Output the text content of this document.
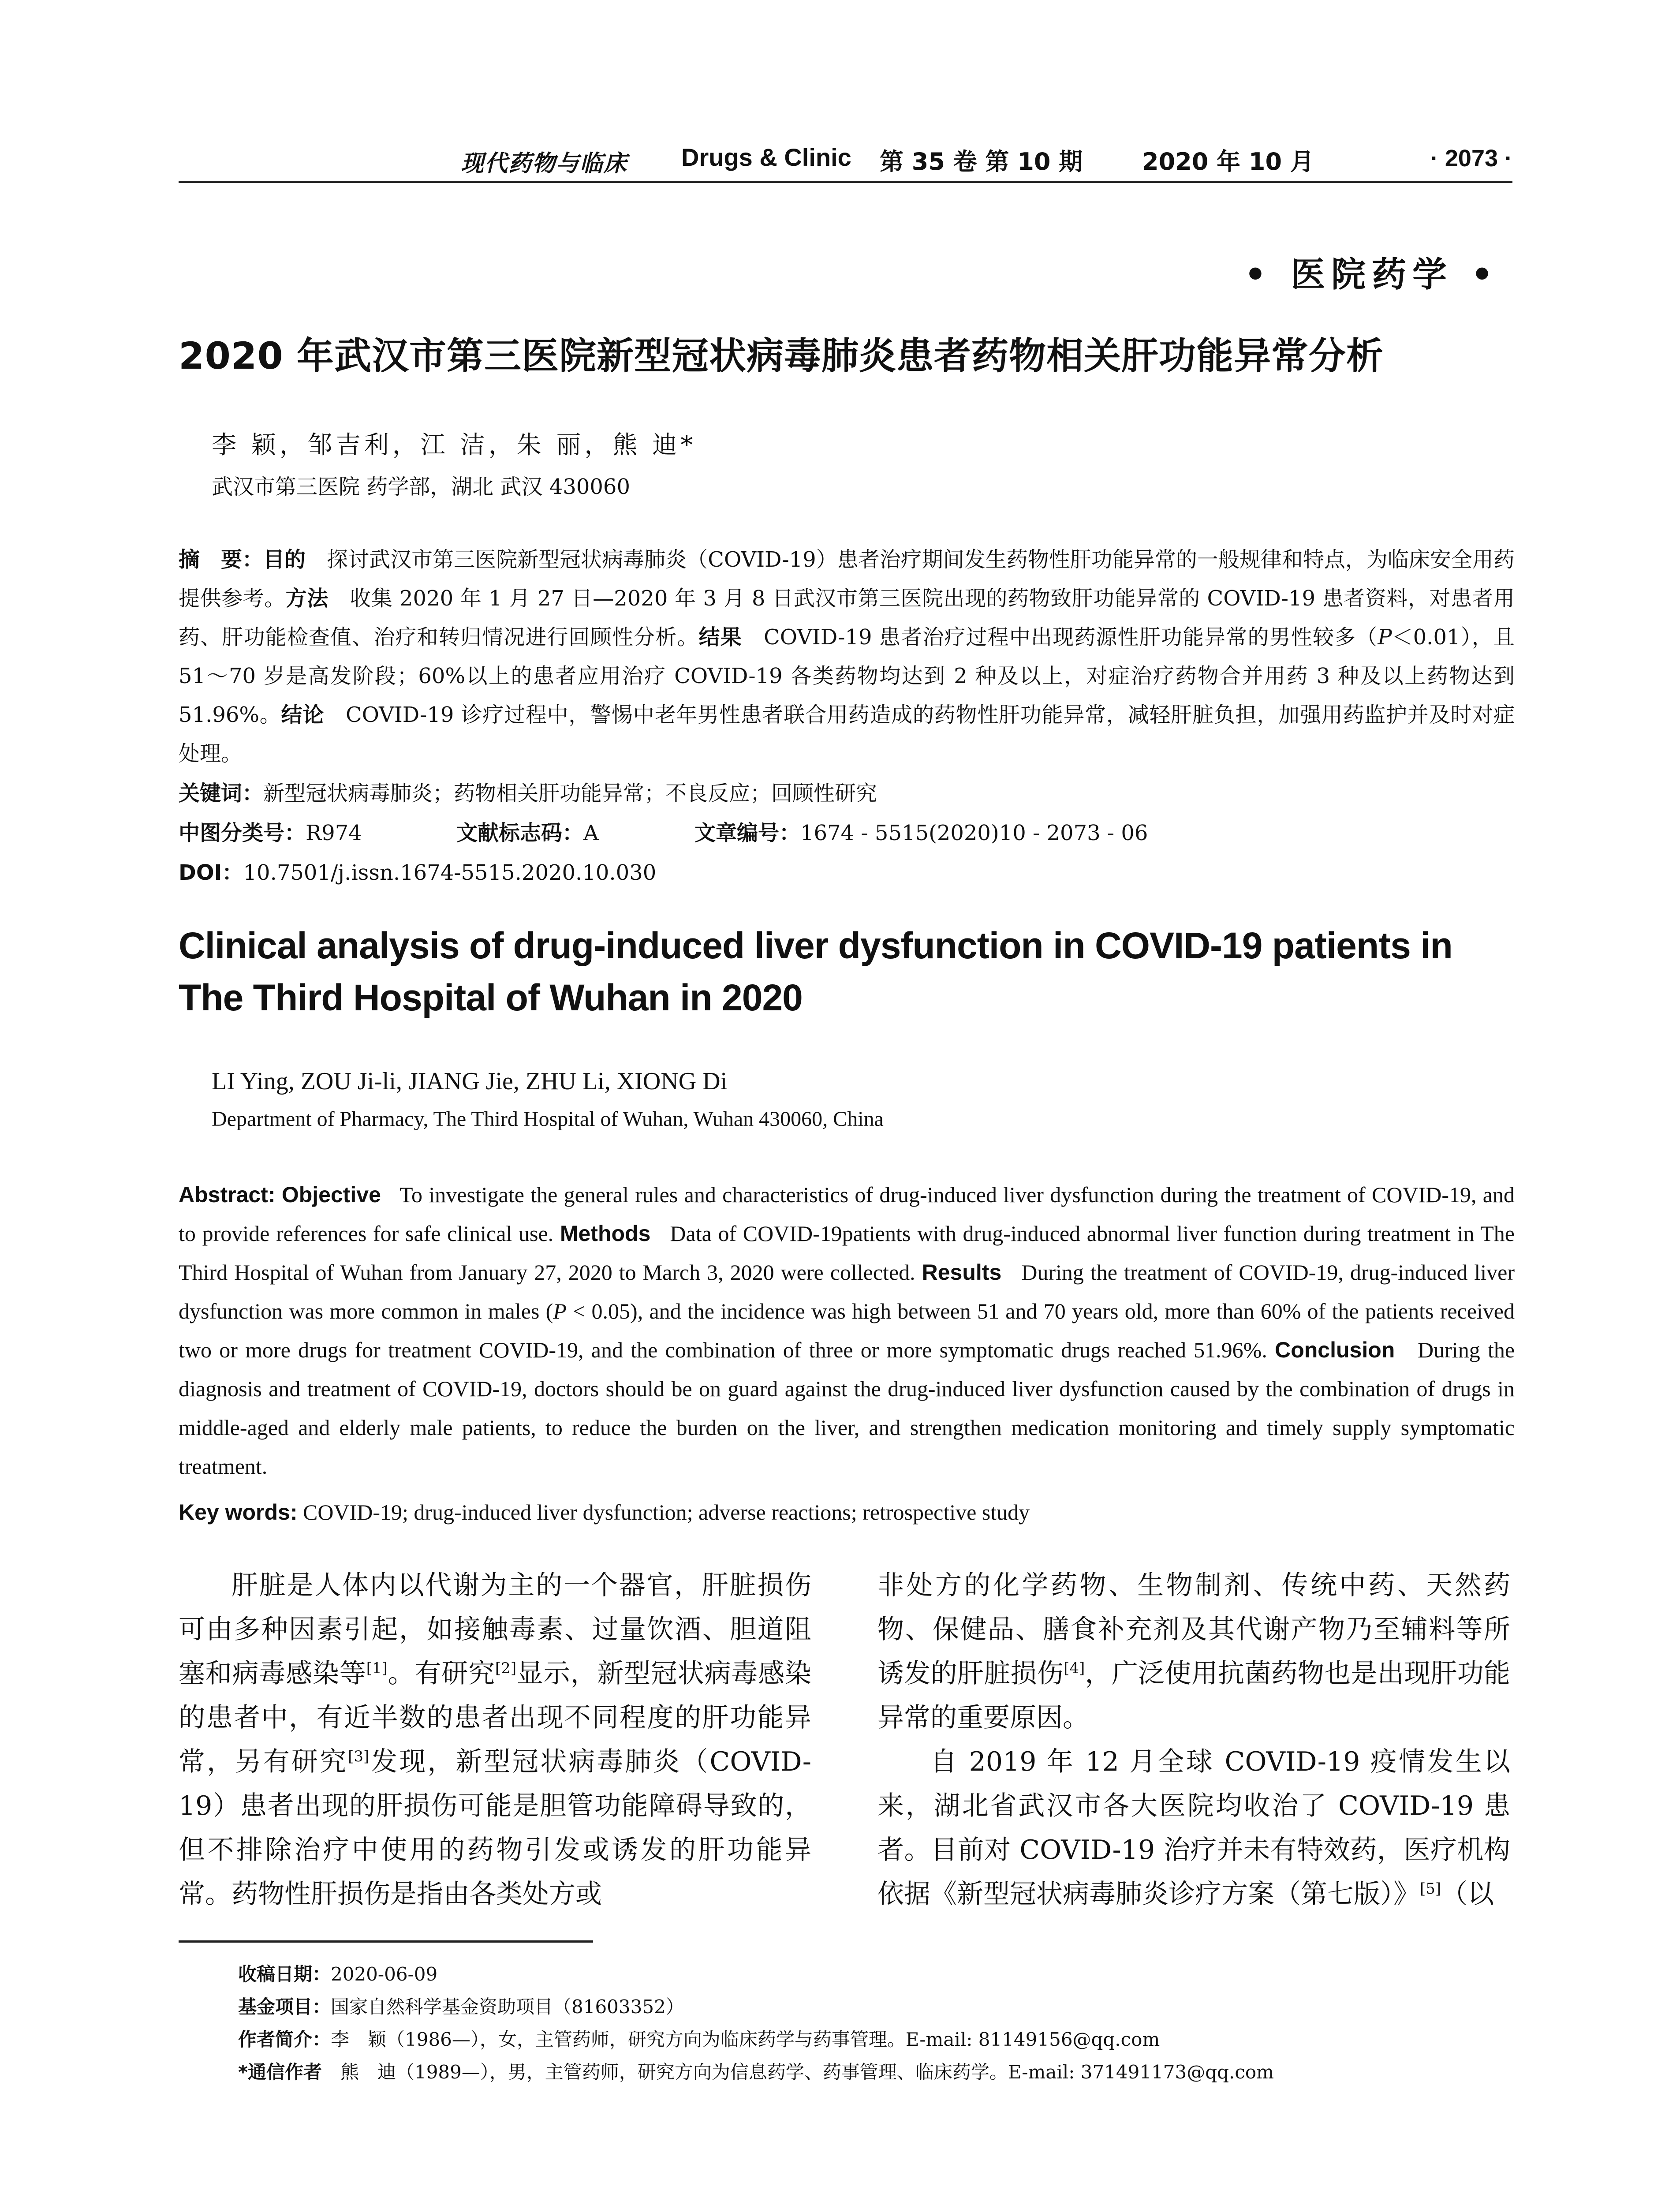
现代药物与临床 Drugs & Clinic 第 35 卷 第 10 期 2020 年 10 月	· 2073 ·
• 医院药学 •
2020 年武汉市第三医院新型冠状病毒肺炎患者药物相关肝功能异常分析
李 颖，邹吉利，江 洁，朱 丽，熊 迪*
武汉市第三医院 药学部，湖北 武汉 430060
摘　要：目的　 探讨武汉市第三医院新型冠状病毒肺炎（COVID-19）患者治疗期间发生药物性肝功能异常的一般规律和特点，为临床安全用药提供参考。方法　 收集 2020 年 1 月 27 日—2020 年 3 月 8 日武汉市第三医院出现的药物致肝功能异常的 COVID-19 患者资料，对患者用药、肝功能检查值、治疗和转归情况进行回顾性分析。结果　 COVID-19 患者治疗过程中出现药源性肝功能异常的男性较多（P＜0.01），且 51～70 岁是高发阶段；60%以上的患者应用治疗 COVID-19 各类药物均达到 2 种及以上，对症治疗药物合并用药 3 种及以上药物达到 51.96%。结论　 COVID-19 诊疗过程中，警惕中老年男性患者联合用药造成的药物性肝功能异常，减轻肝脏负担，加强用药监护并及时对症处理。
关键词：新型冠状病毒肺炎；药物相关肝功能异常；不良反应；回顾性研究
中图分类号：R974	文献标志码：A	文章编号：1674 - 5515(2020)10 - 2073 - 06
DOI：10.7501/j.issn.1674-5515.2020.10.030
Clinical analysis of drug-induced liver dysfunction in COVID-19 patients in The Third Hospital of Wuhan in 2020
LI Ying, ZOU Ji-li, JIANG Jie, ZHU Li, XIONG Di
Department of Pharmacy, The Third Hospital of Wuhan, Wuhan 430060, China
Abstract: Objective To investigate the general rules and characteristics of drug-induced liver dysfunction during the treatment of COVID-19, and to provide references for safe clinical use. Methods Data of COVID-19patients with drug-induced abnormal liver function during treatment in The Third Hospital of Wuhan from January 27, 2020 to March 3, 2020 were collected. Results During the treatment of COVID-19, drug-induced liver dysfunction was more common in males (P < 0.05), and the incidence was high between 51 and 70 years old, more than 60% of the patients received two or more drugs for treatment COVID-19, and the combination of three or more symptomatic drugs reached 51.96%. Conclusion During the diagnosis and treatment of COVID-19, doctors should be on guard against the drug-induced liver dysfunction caused by the combination of drugs in middle-aged and elderly male patients, to reduce the burden on the liver, and strengthen medication monitoring and timely supply symptomatic treatment.
Key words: COVID-19; drug-induced liver dysfunction; adverse reactions; retrospective study

肝脏是人体内以代谢为主的一个器官，肝脏损伤可由多种因素引起，如接触毒素、过量饮酒、胆道阻塞和病毒感染等[1]。有研究[2]显示，新型冠状病毒感染的患者中，有近半数的患者出现不同程度的肝功能异常，另有研究[3]发现，新型冠状病毒肺炎（COVID-19）患者出现的肝损伤可能是胆管功能障碍导致的，但不排除治疗中使用的药物引发或诱发的肝功能异常。药物性肝损伤是指由各类处方或

非处方的化学药物、生物制剂、传统中药、天然药物、保健品、膳食补充剂及其代谢产物乃至辅料等所诱发的肝脏损伤[4]，广泛使用抗菌药物也是出现肝功能异常的重要原因。

自 2019 年 12 月全球 COVID-19 疫情发生以来，湖北省武汉市各大医院均收治了 COVID-19 患者。目前对 COVID-19 治疗并未有特效药，医疗机构依据《新型冠状病毒肺炎诊疗方案（第七版）》[5]（以

收稿日期：2020-06-09
基金项目：国家自然科学基金资助项目（81603352）
作者简介：李　颖（1986—），女，主管药师，研究方向为临床药学与药事管理。E-mail: 81149156@qq.com
*通信作者　 熊　迪（1989—），男，主管药师，研究方向为信息药学、药事管理、临床药学。E-mail: 371491173@qq.com
